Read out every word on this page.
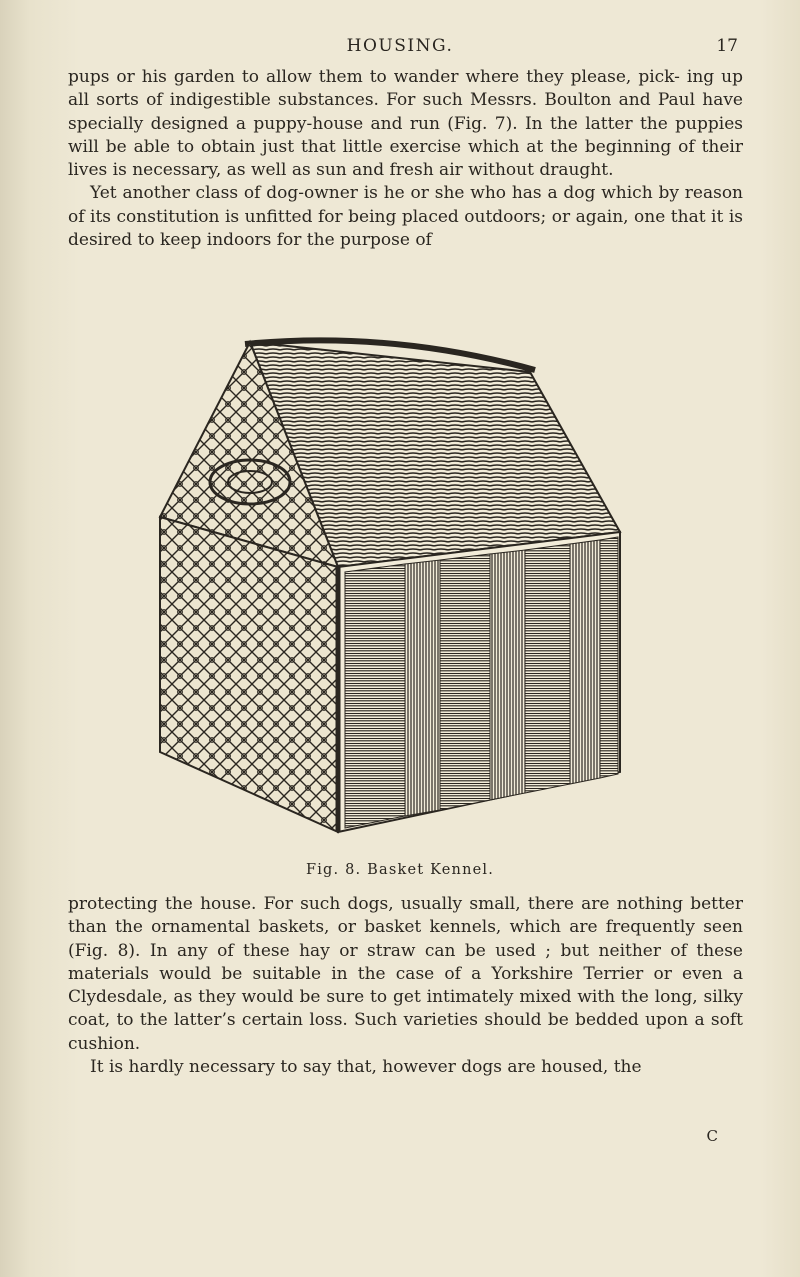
HOUSING.	17

pups or his garden to allow them to wander where they please, pick- ing up all sorts of indigestible substances. For such Messrs. Boulton and Paul have specially designed a puppy-house and run (Fig. 7). In the latter the puppies will be able to obtain just that little exercise which at the beginning of their lives is necessary, as well as sun and fresh air without draught.

Yet another class of dog-owner is he or she who has a dog which by reason of its constitution is unfitted for being placed outdoors; or again, one that it is desired to keep indoors for the purpose of

Fig. 8. Basket Kennel.

protecting the house. For such dogs, usually small, there are nothing better than the ornamental baskets, or basket kennels, which are frequently seen (Fig. 8). In any of these hay or straw can be used ; but neither of these materials would be suitable in the case of a Yorkshire Terrier or even a Clydesdale, as they would be sure to get intimately mixed with the long, silky coat, to the latter’s certain loss. Such varieties should be bedded upon a soft cushion.

It is hardly necessary to say that, however dogs are housed, the

C
